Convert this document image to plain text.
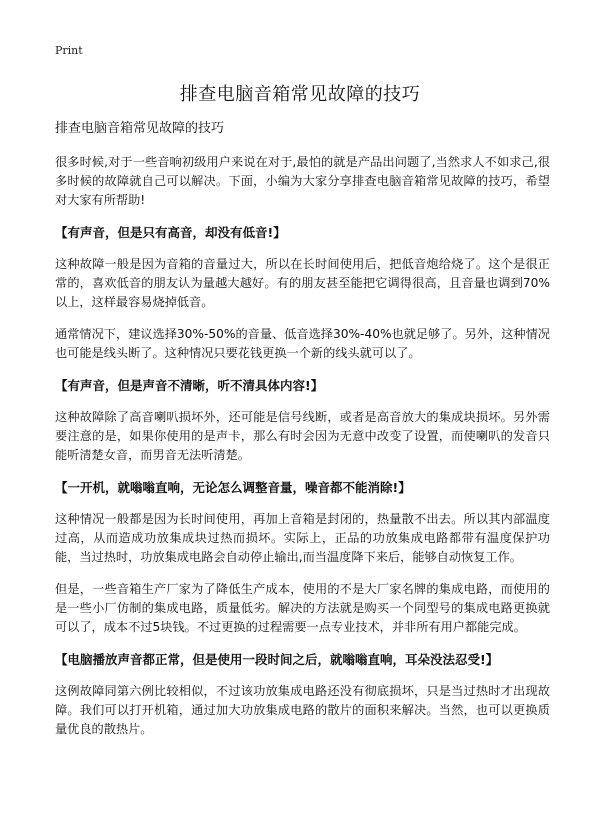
Print
排查电脑音箱常见故障的技巧

排查电脑音箱常见故障的技巧

很多时候,对于一些音响初级用户来说在对于,最怕的就是产品出问题了,当然求人不如求己,很多时候的故障就自己可以解决。下面，小编为大家分享排查电脑音箱常见故障的技巧，希望对大家有所帮助!

【有声音，但是只有高音，却没有低音!】

这种故障一般是因为音箱的音量过大，所以在长时间使用后，把低音炮给烧了。这个是很正常的，喜欢低音的朋友认为量越大越好。有的朋友甚至能把它调得很高，且音量也调到70%以上，这样最容易烧掉低音。

通常情况下，建议选择30%-50%的音量、低音选择30%-40%也就足够了。另外，这种情况也可能是线头断了。这种情况只要花钱更换一个新的线头就可以了。

【有声音，但是声音不清晰，听不清具体内容!】

这种故障除了高音喇叭损坏外，还可能是信号线断，或者是高音放大的集成块损坏。另外需要注意的是，如果你使用的是声卡，那么有时会因为无意中改变了设置，而使喇叭的发音只能听清楚女音，而男音无法听清楚。

【一开机，就嗡嗡直响，无论怎么调整音量，噪音都不能消除!】

这种情况一般都是因为长时间使用，再加上音箱是封闭的，热量散不出去。所以其内部温度过高，从而造成功放集成块过热而损坏。实际上，正品的功放集成电路都带有温度保护功能，当过热时，功放集成电路会自动停止输出,而当温度降下来后，能够自动恢复工作。

但是，一些音箱生产厂家为了降低生产成本，使用的不是大厂家名牌的集成电路，而使用的是一些小厂仿制的集成电路，质量低劣。解决的方法就是购买一个同型号的集成电路更换就可以了，成本不过5块钱。不过更换的过程需要一点专业技术，并非所有用户都能完成。

【电脑播放声音都正常，但是使用一段时间之后，就嗡嗡直响，耳朵没法忍受!】

这例故障同第六例比较相似，不过该功放集成电路还没有彻底损坏，只是当过热时才出现故障。我们可以打开机箱，通过加大功放集成电路的散片的面积来解决。当然，也可以更换质量优良的散热片。
